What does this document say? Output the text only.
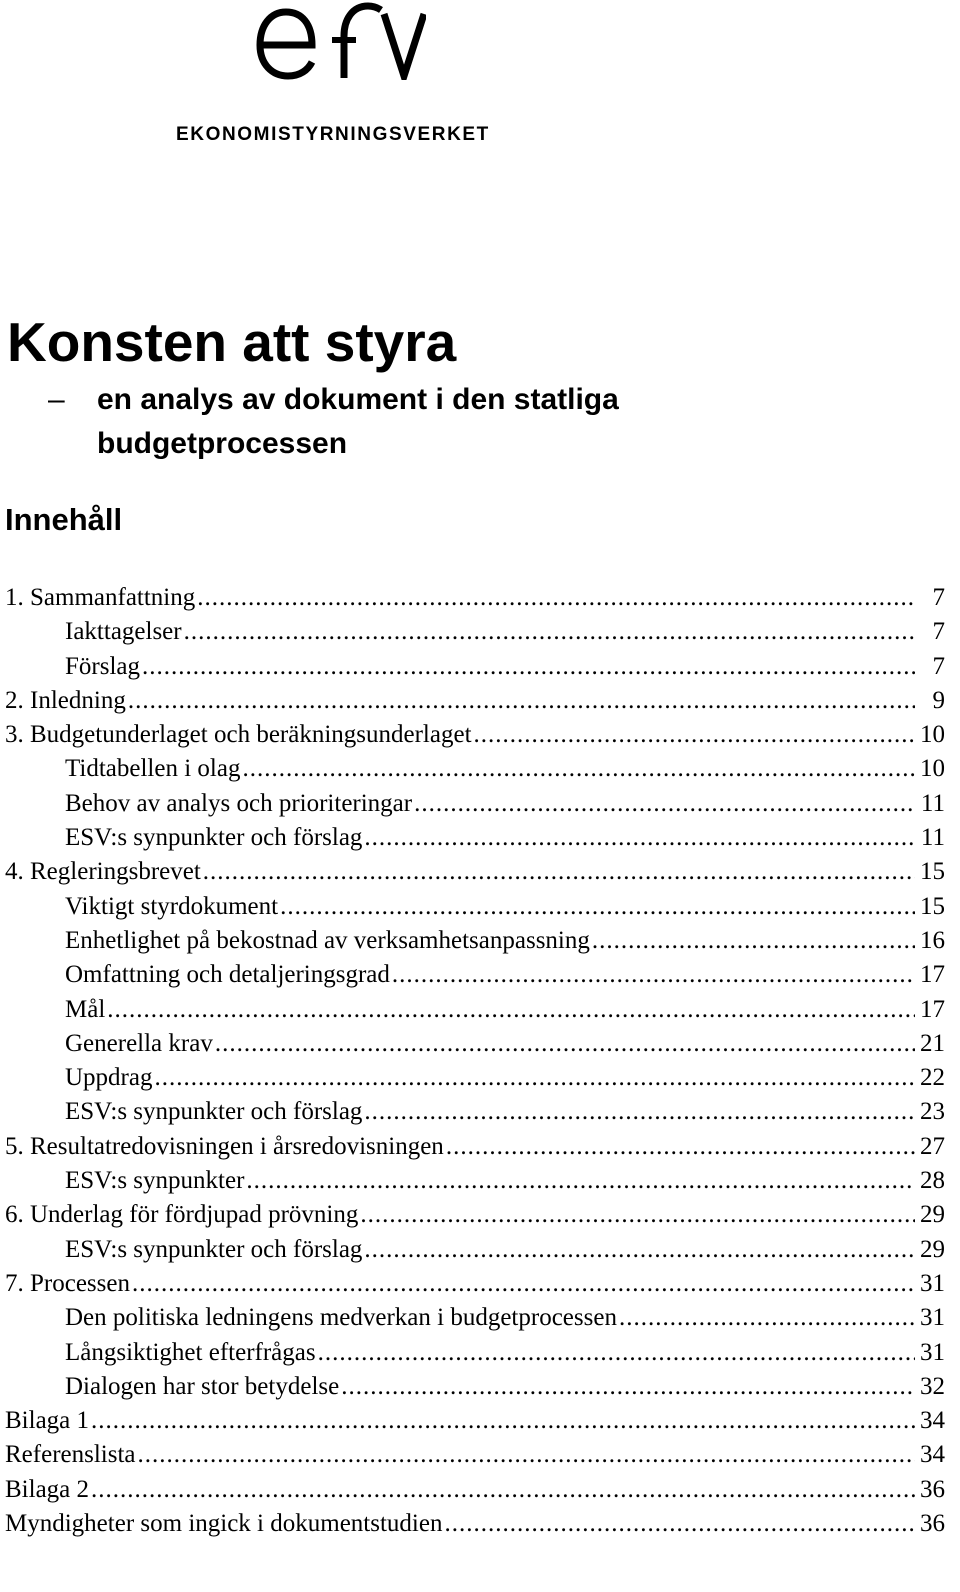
EKONOMISTYRNINGSVERKET
Konsten att styra
– en analys av dokument i den statliga budgetprocessen
Innehåll
1. Sammanfattning .....	7
Iakttagelser .....	7
Förslag .....	7
2. Inledning .....	9
3. Budgetunderlaget och beräkningsunderlaget .....	10
Tidtabellen i olag .....	10
Behov av analys och prioriteringar .....	11
ESV:s synpunkter och förslag .....	11
4. Regleringsbrevet .....	15
Viktigt styrdokument .....	15
Enhetlighet på bekostnad av verksamhetsanpassning .....	16
Omfattning och detaljeringsgrad .....	17
Mål .....	17
Generella krav .....	21
Uppdrag .....	22
ESV:s synpunkter och förslag .....	23
5. Resultatredovisningen i årsredovisningen .....	27
ESV:s synpunkter .....	28
6. Underlag för fördjupad prövning .....	29
ESV:s synpunkter och förslag .....	29
7. Processen .....	31
Den politiska ledningens medverkan i budgetprocessen .....	31
Långsiktighet efterfrågas .....	31
Dialogen har stor betydelse .....	32
Bilaga 1 .....	34
Referenslista .....	34
Bilaga 2 .....	36
Myndigheter som ingick i dokumentstudien .....	36
